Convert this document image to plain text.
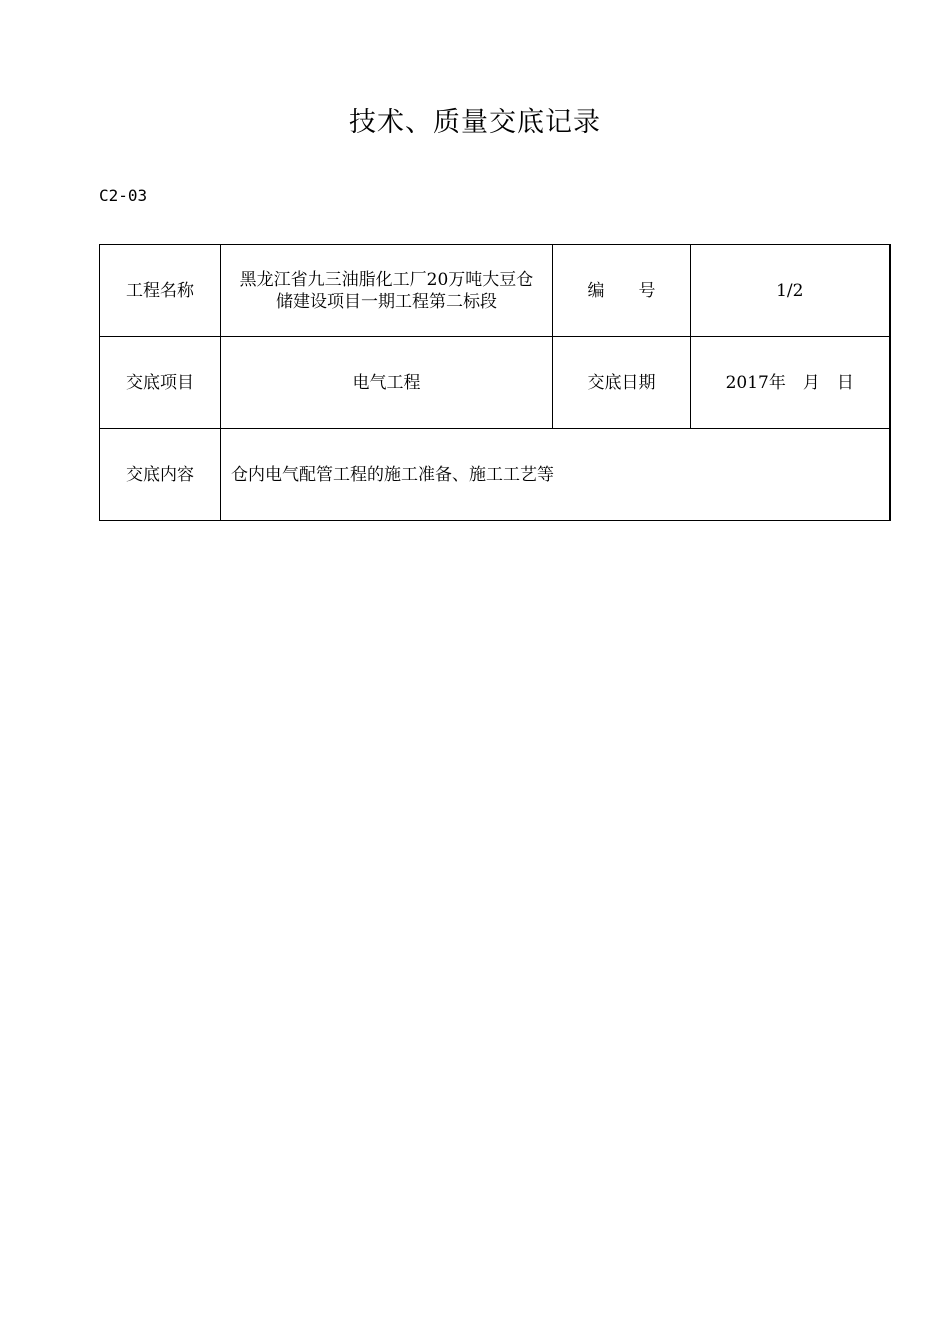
技术、质量交底记录
C2-03
工程名称	黑龙江省九三油脂化工厂20万吨大豆仓储建设项目一期工程第二标段	编　　号	1/2
交底项目	电气工程	交底日期	2017年　月　日
交底内容	仓内电气配管工程的施工准备、施工工艺等		
